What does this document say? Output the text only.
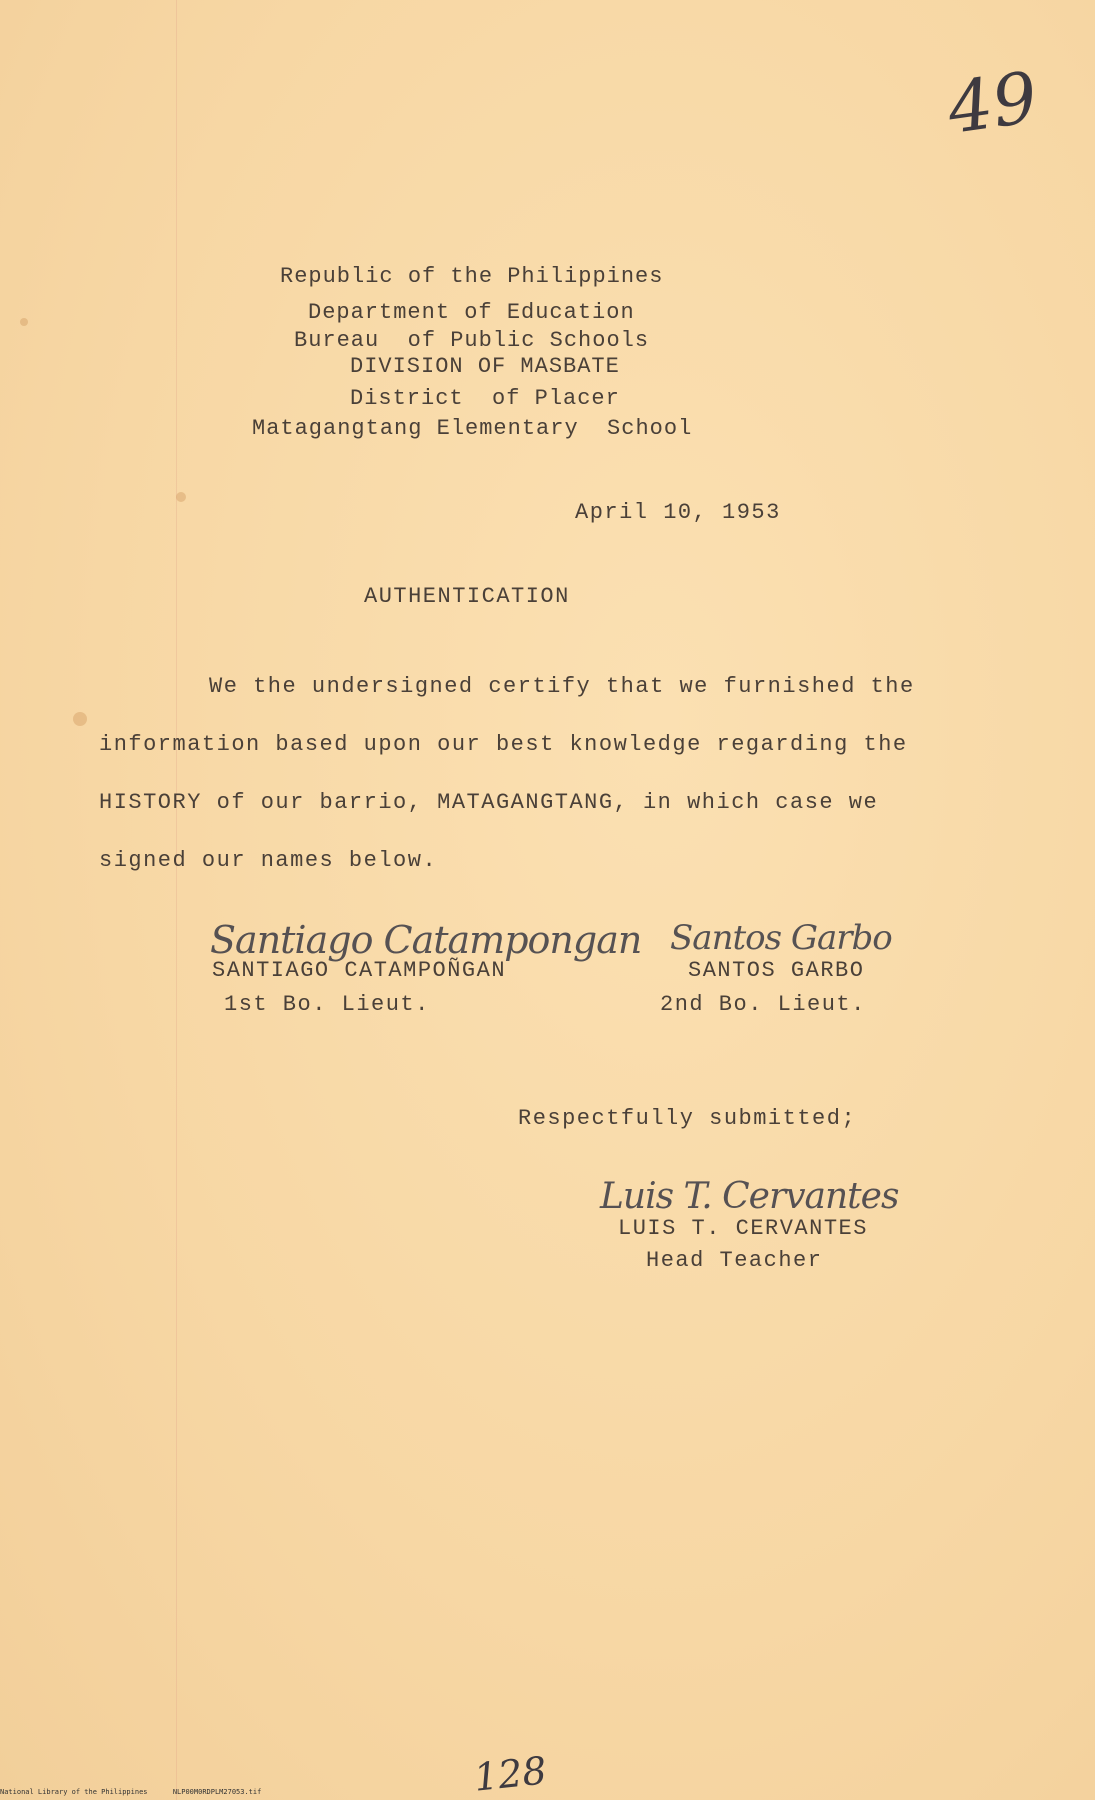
49
Republic of the Philippines
Department of Education
Bureau  of Public Schools
DIVISION OF MASBATE
District  of Placer
Matagangtang Elementary  School
April 10, 1953
AUTHENTICATION
We the undersigned certify that we furnished the
information based upon our best knowledge regarding the
HISTORY of our barrio, MATAGANGTANG, in which case we
signed our names below.
Santiago Catampongan
SANTIAGO CATAMPOÑGAN
1st Bo. Lieut.
Santos Garbo
SANTOS GARBO
2nd Bo. Lieut.
Respectfully submitted;
Luis T. Cervantes
LUIS T. CERVANTES
Head Teacher
128
National Library of the Philippines	NLP00M0RDPLM27053.tif
